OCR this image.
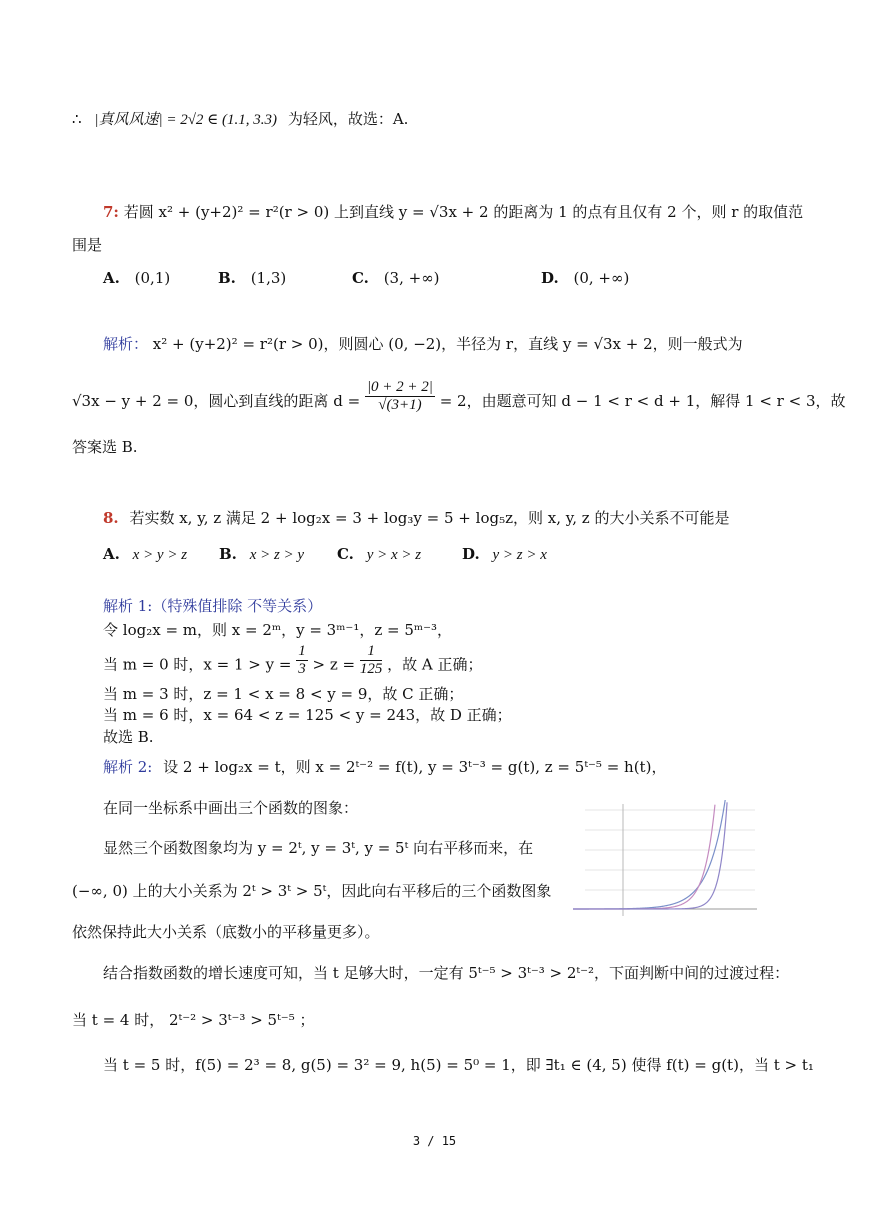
∴ |真风风速| = 2√2 ∈ (1.1, 3.3) 为轻风，故选：A.
7: 若圆 x² + (y+2)² = r²(r > 0) 上到直线 y = √3x + 2 的距离为 1 的点有且仅有 2 个，则 r 的取值范
围是
A. (0,1)	B. (1,3)	C. (3, +∞)	D. (0, +∞)
解析： x² + (y+2)² = r²(r > 0)，则圆心 (0, −2)，半径为 r，直线 y = √3x + 2，则一般式为
√3x − y + 2 = 0，圆心到直线的距离 $d = \frac{|0 + 2 + 2|}{√(3+1)} = 2$，由题意可知 d − 1 < r < d + 1，解得 1 < r < 3，故
答案选 B.
8. 若实数 x, y, z 满足 2 + log₂x = 3 + log₃y = 5 + log₅z，则 x, y, z 的大小关系不可能是
A. x > y > z B. x > z > y C. y > x > z	D. y > z > x
解析 1:（特殊值排除 不等关系）
令 log₂x = m，则 x = 2ᵐ，y = 3ᵐ⁻¹，z = 5ᵐ⁻³，
当 m = 0 时，$x = 1 > y = \frac{1}{3} > z = \frac{1}{125}$ ，故 A 正确；
当 m = 3 时，z = 1 < x = 8 < y = 9，故 C 正确；
当 m = 6 时，x = 64 < z = 125 < y = 243，故 D 正确；
故选 B.
解析 2: 设 2 + log₂x = t，则 x = 2ᵗ⁻² = f(t), y = 3ᵗ⁻³ = g(t), z = 5ᵗ⁻⁵ = h(t)，
在同一坐标系中画出三个函数的图象：
显然三个函数图象均为 y = 2ᵗ, y = 3ᵗ, y = 5ᵗ 向右平移而来，在
(−∞, 0) 上的大小关系为 2ᵗ > 3ᵗ > 5ᵗ，因此向右平移后的三个函数图象
依然保持此大小关系（底数小的平移量更多）。
结合指数函数的增长速度可知，当 t 足够大时，一定有 5ᵗ⁻⁵ > 3ᵗ⁻³ > 2ᵗ⁻²，下面判断中间的过渡过程：
当 t = 4 时， 2ᵗ⁻² > 3ᵗ⁻³ > 5ᵗ⁻⁵ ；
当 t = 5 时，f(5) = 2³ = 8, g(5) = 3² = 9, h(5) = 5⁰ = 1，即 ∃t₁ ∈ (4, 5) 使得 f(t) = g(t)，当 t > t₁
3 / 15
